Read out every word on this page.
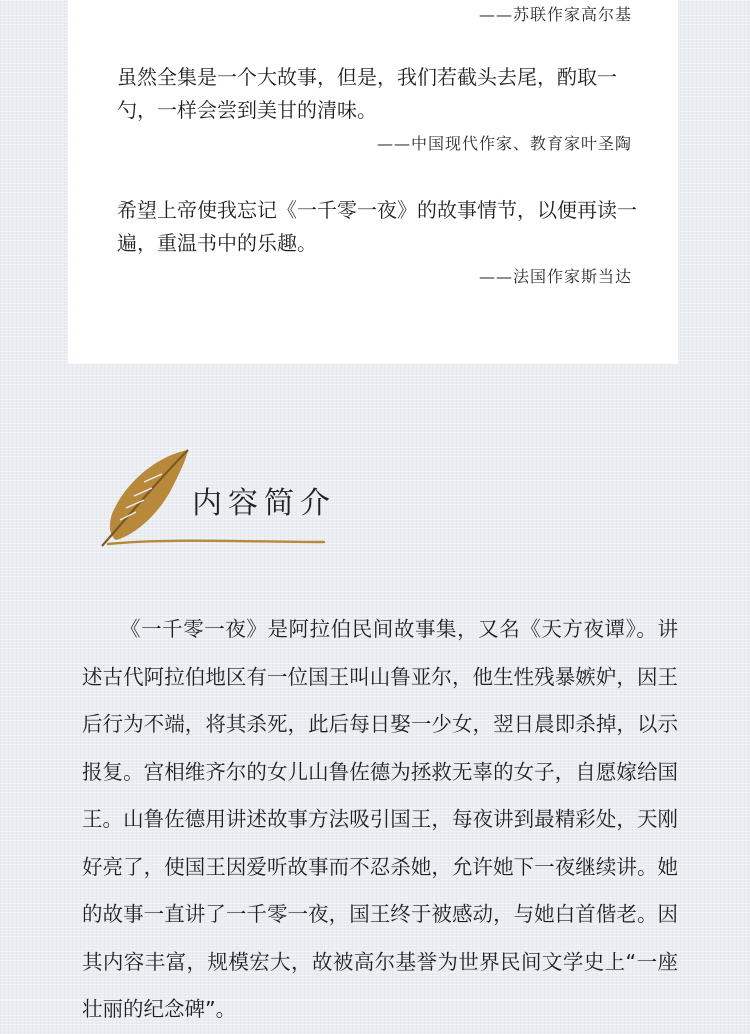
——苏联作家高尔基

虽然全集是一个大故事，但是，我们若截头去尾，酌取一勺，一样会尝到美甘的清味。

——中国现代作家、教育家叶圣陶

希望上帝使我忘记《一千零一夜》的故事情节，以便再读一遍，重温书中的乐趣。

——法国作家斯当达
内容简介

《一千零一夜》是阿拉伯民间故事集，又名《天方夜谭》。讲述古代阿拉伯地区有一位国王叫山鲁亚尔，他生性残暴嫉妒，因王后行为不端，将其杀死，此后每日娶一少女，翌日晨即杀掉，以示报复。宫相维齐尔的女儿山鲁佐德为拯救无辜的女子，自愿嫁给国王。山鲁佐德用讲述故事方法吸引国王，每夜讲到最精彩处，天刚好亮了，使国王因爱听故事而不忍杀她，允许她下一夜继续讲。她的故事一直讲了一千零一夜，国王终于被感动，与她白首偕老。因其内容丰富，规模宏大，故被高尔基誉为世界民间文学史上“一座壮丽的纪念碑”。
